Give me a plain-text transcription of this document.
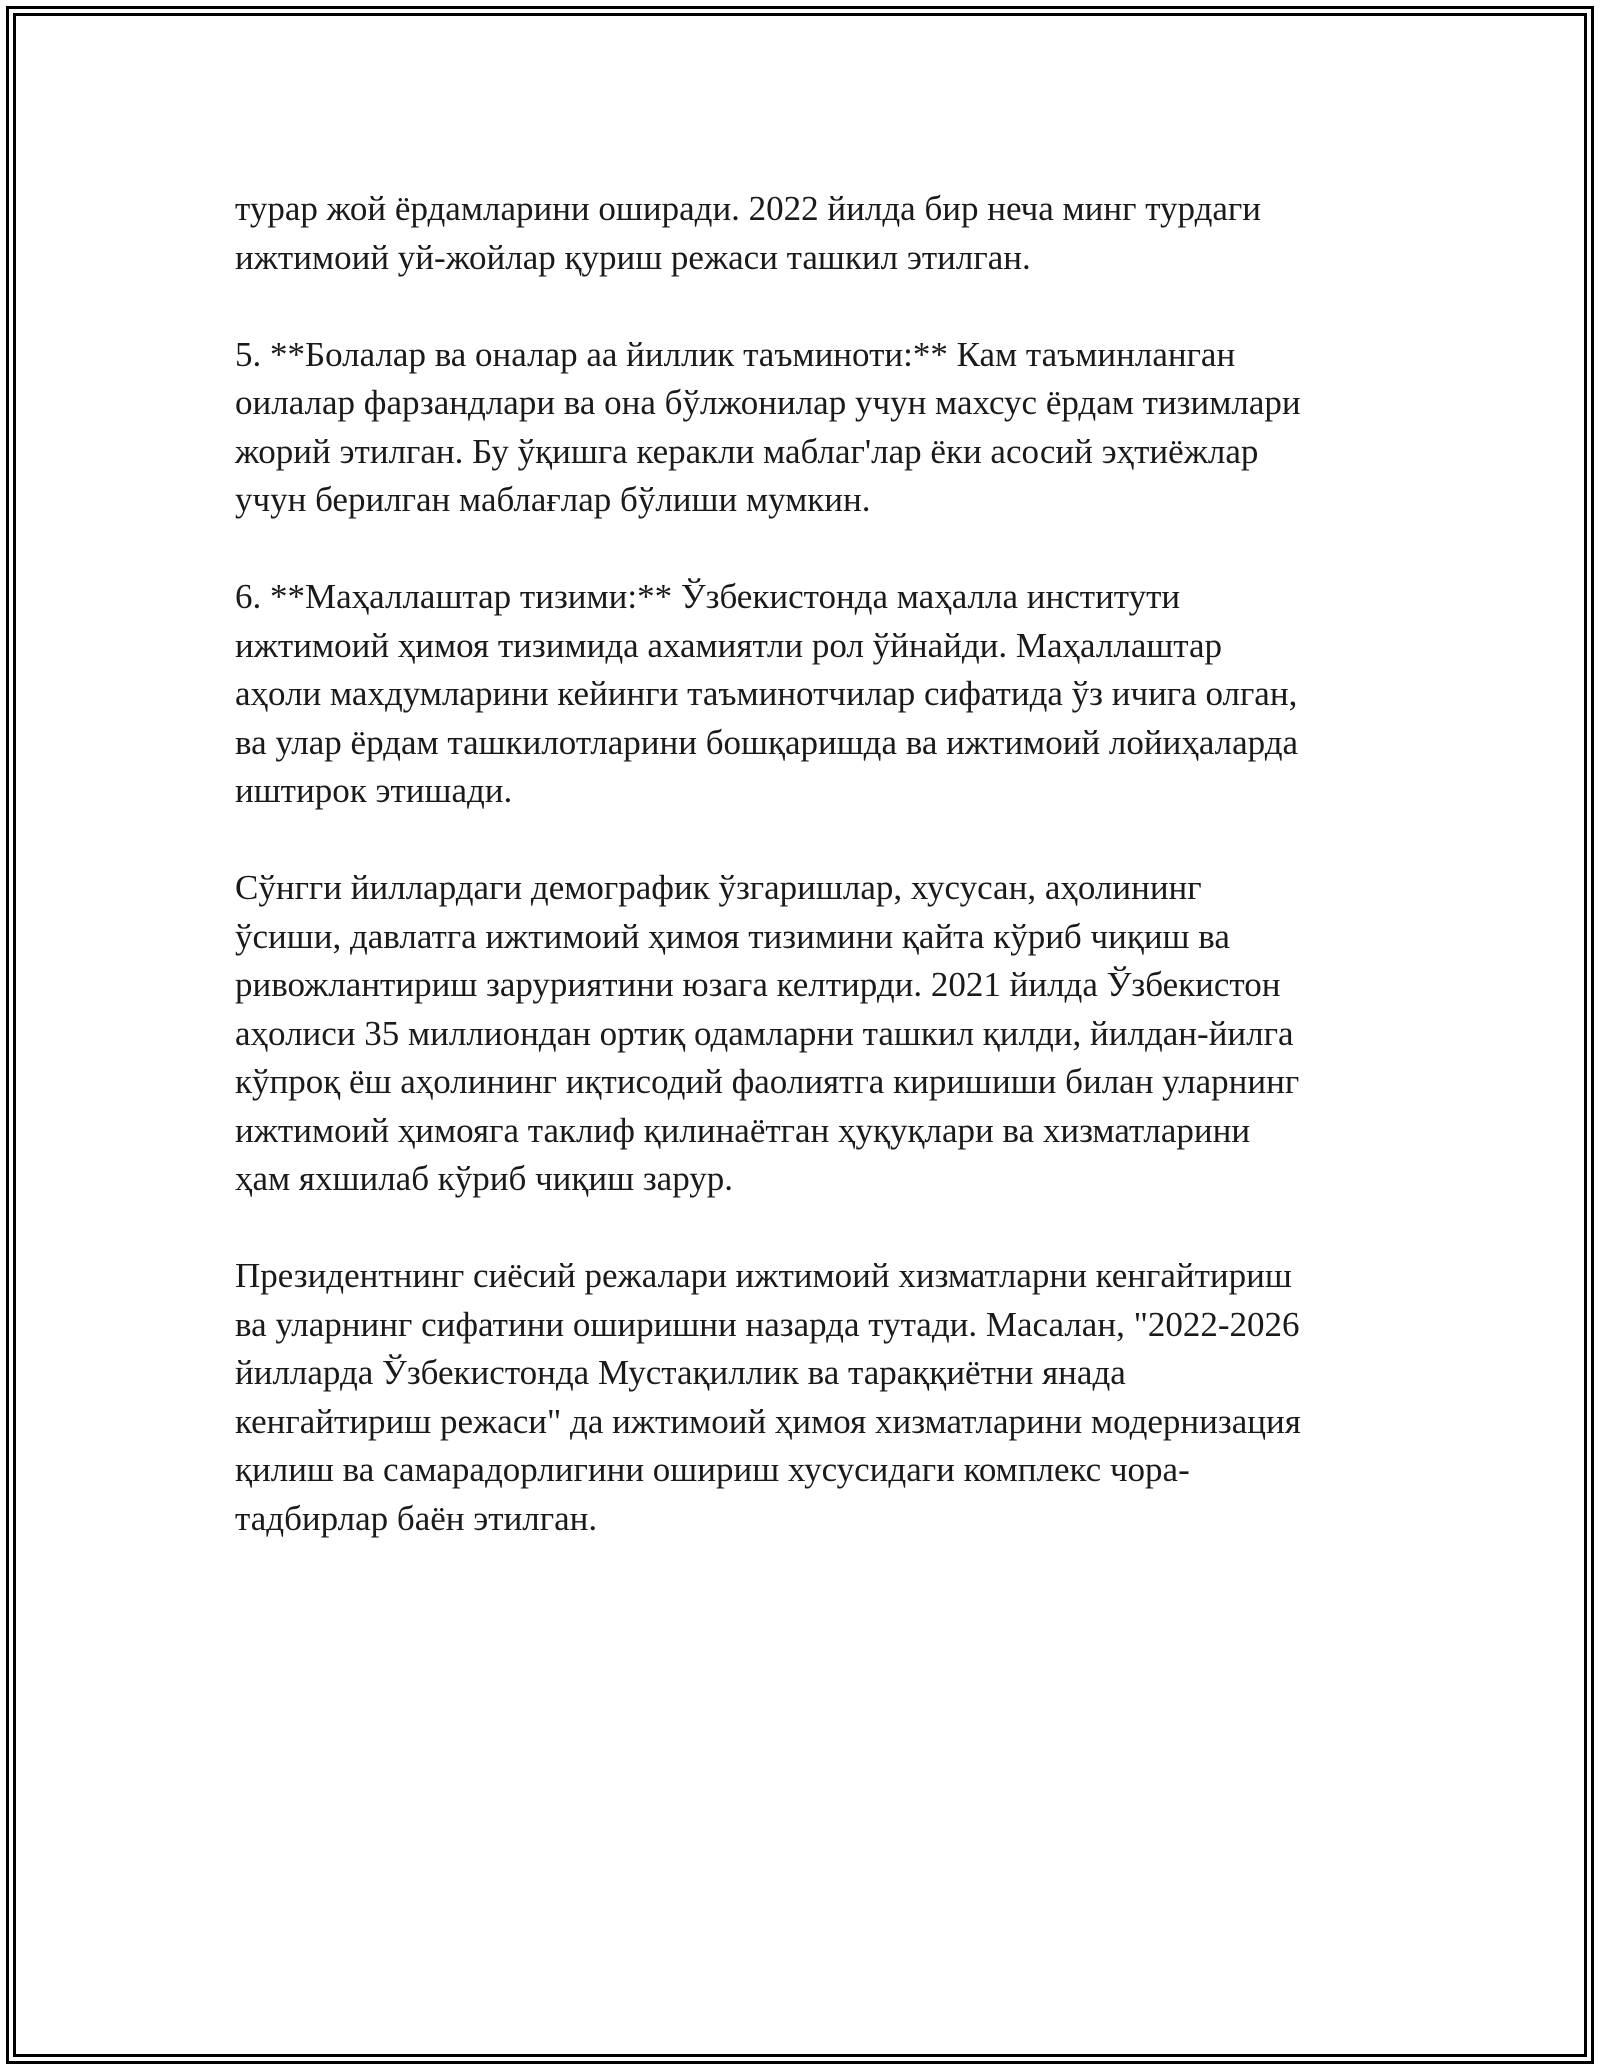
турар жой ёрдамларини оширади. 2022 йилда бир неча минг турдаги
ижтимоий уй-жойлар қуриш режаси ташкил этилган.

5. **Болалар ва оналар аа йиллик таъминоти:** Кам таъминланган
оилалар фарзандлари ва она бўлжонилар учун махсус ёрдам тизимлари
жорий этилган. Бу ўқишга керакли маблаг'лар ёки асосий эҳтиёжлар
учун берилган маблағлар бўлиши мумкин.

6. **Маҳаллаштар тизими:** Ўзбекистонда маҳалла институти
ижтимоий ҳимоя тизимида ахамиятли рол ўйнайди. Маҳаллаштар
аҳоли махдумларини кейинги таъминотчилар сифатида ўз ичига олган,
ва улар ёрдам ташкилотларини бошқаришда ва ижтимоий лойиҳаларда
иштирок этишади.

Сўнгги йиллардаги демографик ўзгаришлар, хусусан, аҳолининг
ўсиши, давлатга ижтимоий ҳимоя тизимини қайта кўриб чиқиш ва
ривожлантириш заруриятини юзага келтирди. 2021 йилда Ўзбекистон
аҳолиси 35 миллиондан ортиқ одамларни ташкил қилди, йилдан-йилга
кўпроқ ёш аҳолининг иқтисодий фаолиятга киришиши билан уларнинг
ижтимоий ҳимояга таклиф қилинаётган ҳуқуқлари ва хизматларини
ҳам яхшилаб кўриб чиқиш зарур.

Президентнинг сиёсий режалари ижтимоий хизматларни кенгайтириш
ва уларнинг сифатини оширишни назарда тутади. Масалан, "2022-2026
йилларда Ўзбекистонда Мустақиллик ва тараққиётни янада
кенгайтириш режаси" да ижтимоий ҳимоя хизматларини модернизация
қилиш ва самарадорлигини ошириш хусусидаги комплекс чора-
тадбирлар баён этилган.
